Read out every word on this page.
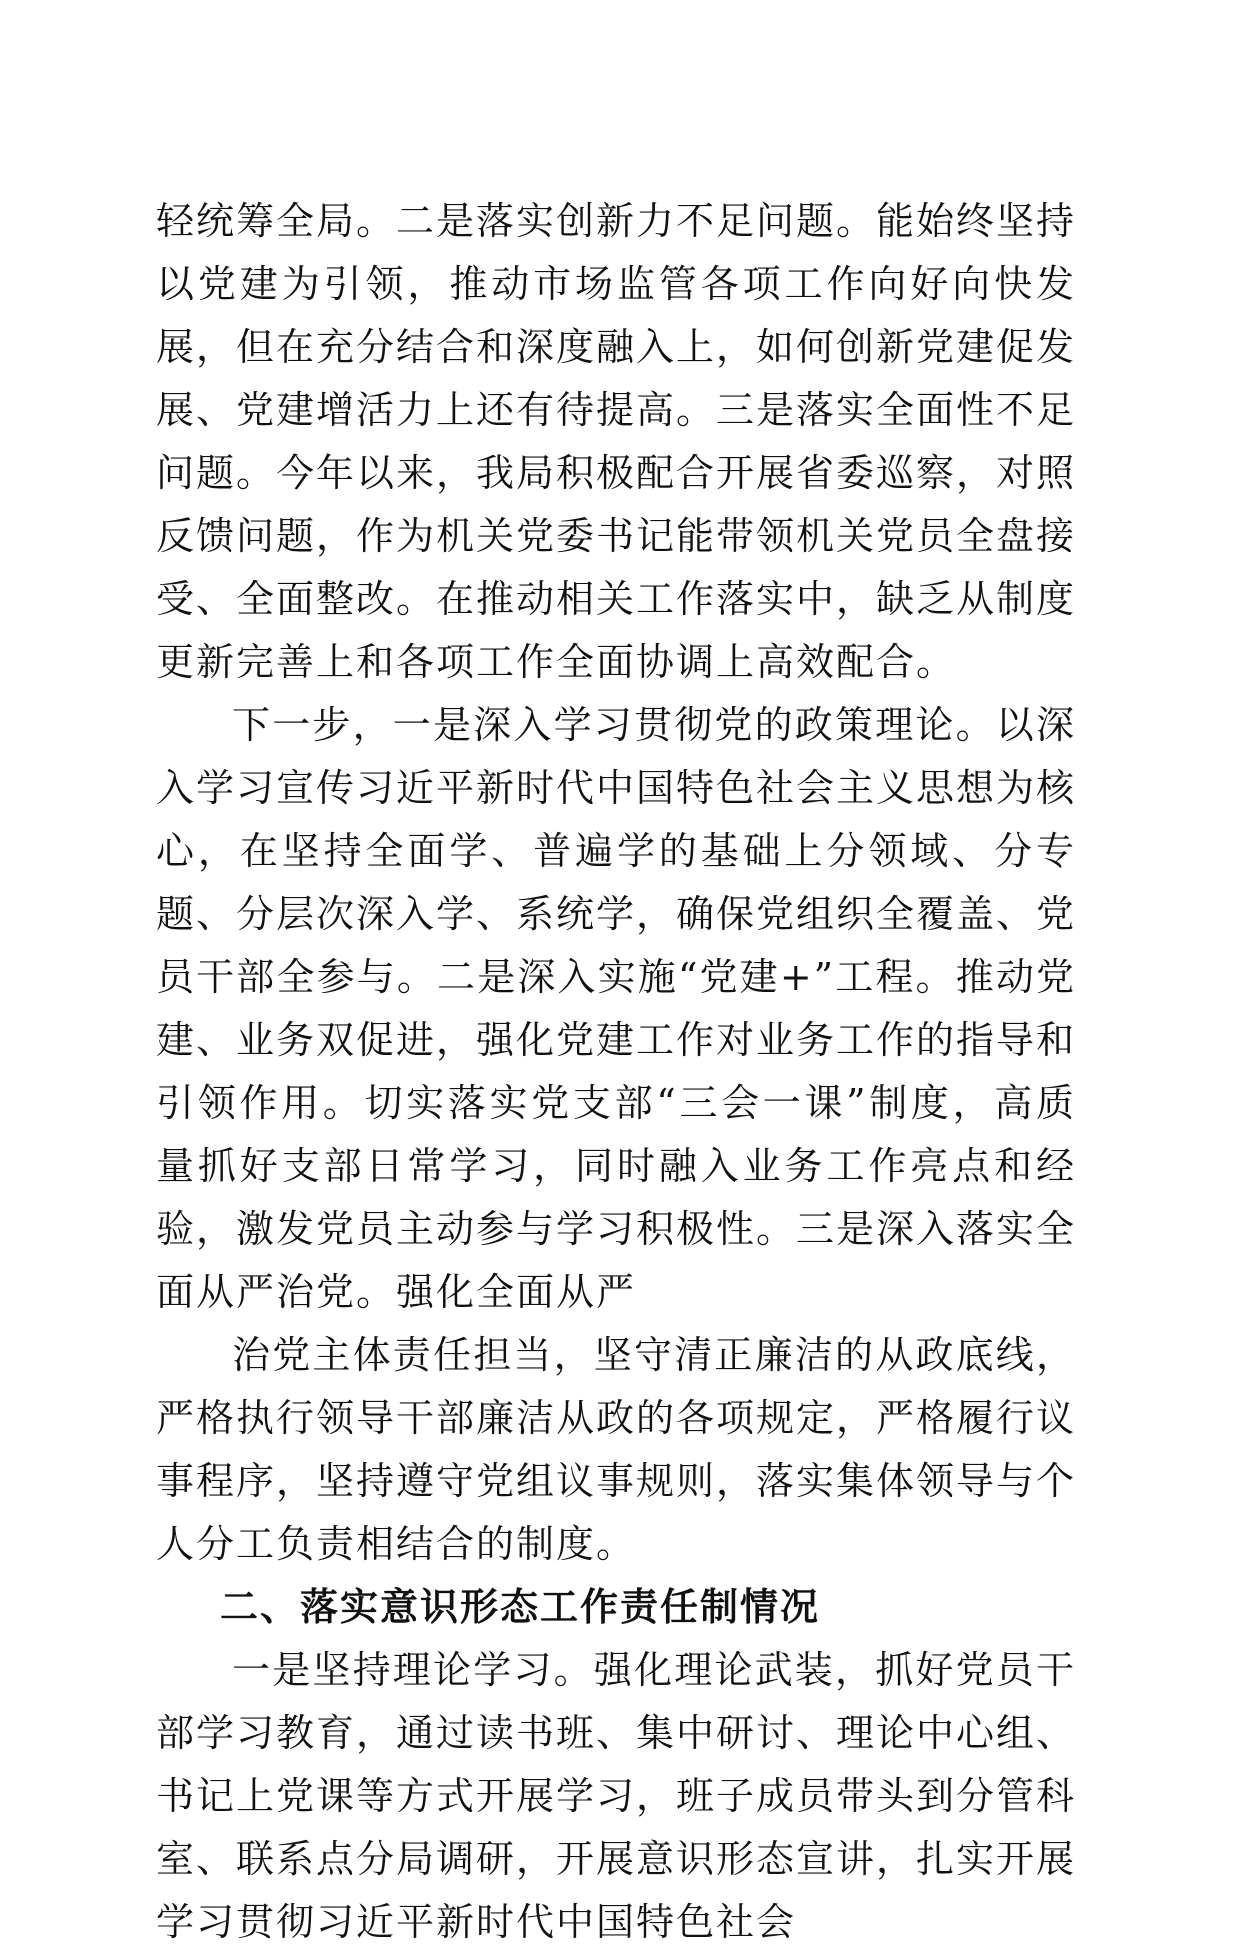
轻统筹全局。二是落实创新力不足问题。能始终坚持以党建为引领，推动市场监管各项工作向好向快发展，但在充分结合和深度融入上，如何创新党建促发展、党建增活力上还有待提高。三是落实全面性不足问题。今年以来，我局积极配合开展省委巡察，对照反馈问题，作为机关党委书记能带领机关党员全盘接受、全面整改。在推动相关工作落实中，缺乏从制度更新完善上和各项工作全面协调上高效配合。

下一步，一是深入学习贯彻党的政策理论。以深入学习宣传习近平新时代中国特色社会主义思想为核心，在坚持全面学、普遍学的基础上分领域、分专题、分层次深入学、系统学，确保党组织全覆盖、党员干部全参与。二是深入实施“党建+”工程。推动党建、业务双促进，强化党建工作对业务工作的指导和引领作用。切实落实党支部“三会一课”制度，高质量抓好支部日常学习，同时融入业务工作亮点和经验，激发党员主动参与学习积极性。三是深入落实全面从严治党。强化全面从严

治党主体责任担当，坚守清正廉洁的从政底线，严格执行领导干部廉洁从政的各项规定，严格履行议事程序，坚持遵守党组议事规则，落实集体领导与个人分工负责相结合的制度。

二、落实意识形态工作责任制情况

一是坚持理论学习。强化理论武装，抓好党员干部学习教育，通过读书班、集中研讨、理论中心组、书记上党课等方式开展学习，班子成员带头到分管科室、联系点分局调研，开展意识形态宣讲，扎实开展学习贯彻习近平新时代中国特色社会
